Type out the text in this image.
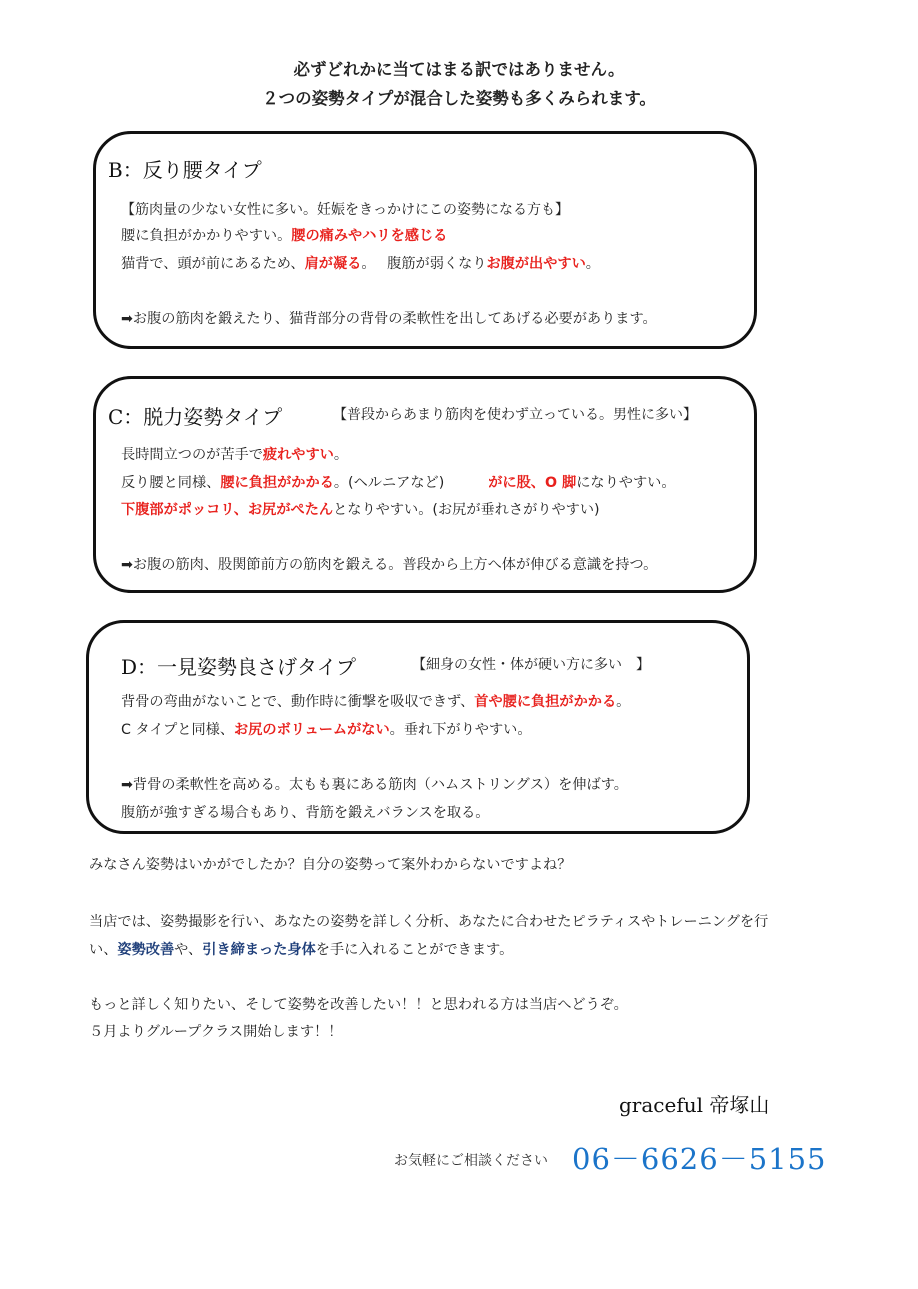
必ずどれかに当てはまる訳ではありません。
２つの姿勢タイプが混合した姿勢も多くみられます。
B：反り腰タイプ
【筋肉量の少ない女性に多い。妊娠をきっかけにこの姿勢になる方も】
腰に負担がかかりやすい。腰の痛みやハリを感じる
猫背で、頭が前にあるため、肩が凝る。　 腹筋が弱くなりお腹が出やすい。
➡お腹の筋肉を鍛えたり、猫背部分の背骨の柔軟性を出してあげる必要があります。
C：脱力姿勢タイプ	【普段からあまり筋肉を使わず立っている。男性に多い】
長時間立つのが苦手で疲れやすい。
反り腰と同様、腰に負担がかかる。(ヘルニアなど)	がに股、O 脚になりやすい。
下腹部がポッコリ、お尻がぺたんとなりやすい。(お尻が垂れさがりやすい)
➡お腹の筋肉、股関節前方の筋肉を鍛える。普段から上方へ体が伸びる意識を持つ。
D：一見姿勢良さげタイプ	【細身の女性・体が硬い方に多い　】
背骨の弯曲がないことで、動作時に衝撃を吸収できず、首や腰に負担がかかる。
C タイプと同様、お尻のボリュームがない。垂れ下がりやすい。
➡背骨の柔軟性を高める。太もも裏にある筋肉（ハムストリングス）を伸ばす。
腹筋が強すぎる場合もあり、背筋を鍛えバランスを取る。
みなさん姿勢はいかがでしたか？自分の姿勢って案外わからないですよね？
当店では、姿勢撮影を行い、あなたの姿勢を詳しく分析、あなたに合わせたピラティスやトレーニングを行
い、姿勢改善や、引き締まった身体を手に入れることができます。
もっと詳しく知りたい、そして姿勢を改善したい！！と思われる方は当店へどうぞ。
５月よりグループクラス開始します！！
graceful 帝塚山
お気軽にご相談ください 06－6626－5155
